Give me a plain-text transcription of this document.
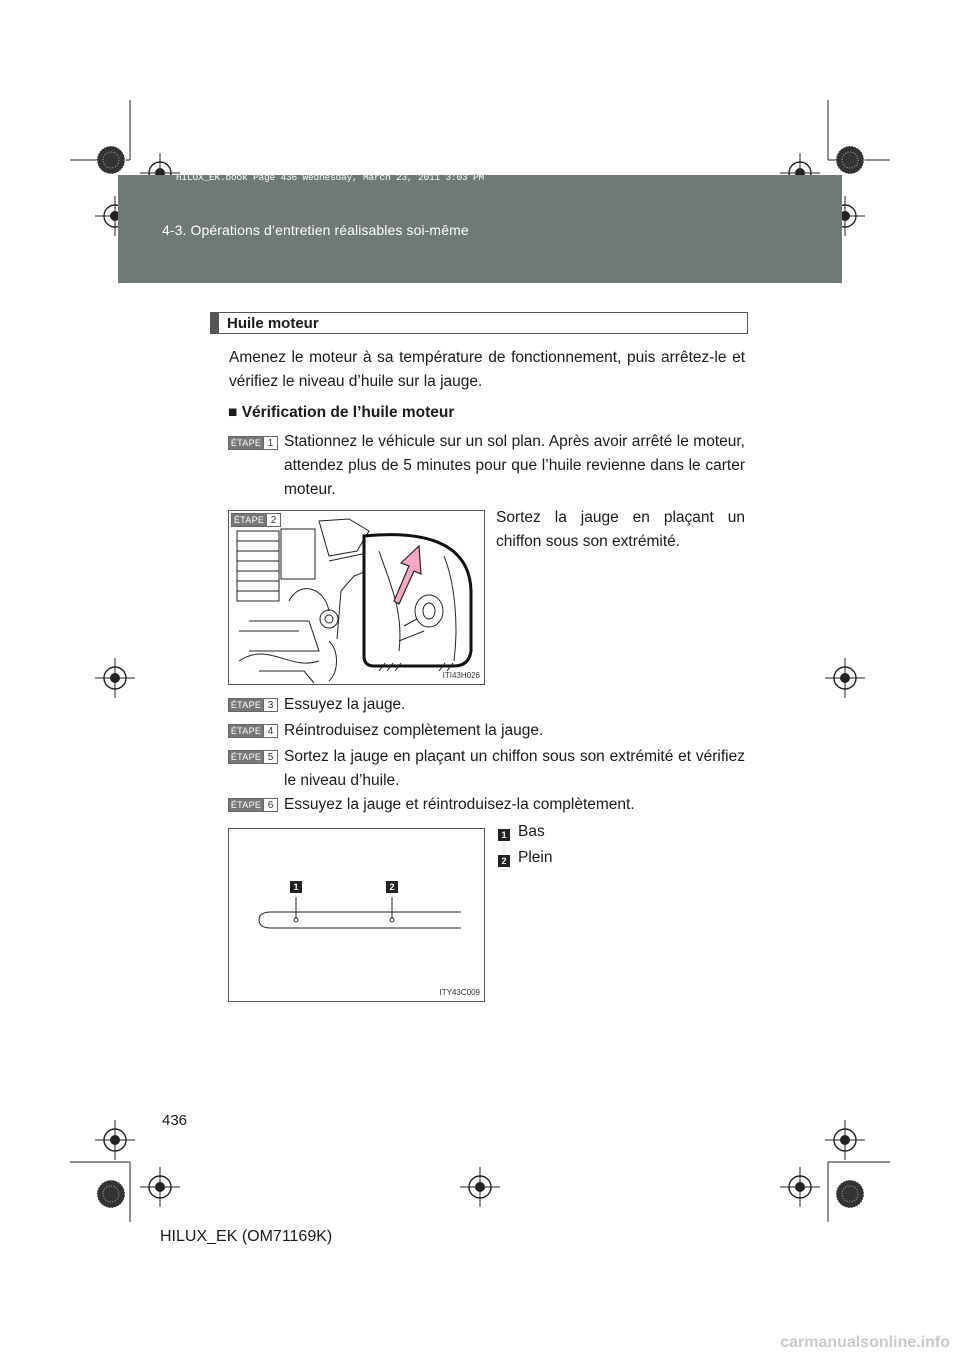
HILUX_EK.book Page 436 Wednesday, March 23, 2011 3:03 PM
4-3. Opérations d’entretien réalisables soi-même
Huile moteur
Amenez le moteur à sa température de fonctionnement, puis arrêtez-le et vérifiez le niveau d’huile sur la jauge.
■ Vérification de l’huile moteur
ÉTAPE 1 Stationnez le véhicule sur un sol plan. Après avoir arrêté le moteur, attendez plus de 5 minutes pour que l’huile revienne dans le carter moteur.
ÉTAPE 2
ITI43H026
Sortez la jauge en plaçant un chiffon sous son extrémité.
ÉTAPE 3 Essuyez la jauge.
ÉTAPE 4 Réintroduisez complètement la jauge.
ÉTAPE 5 Sortez la jauge en plaçant un chiffon sous son extrémité et vérifiez le niveau d’huile.
ÉTAPE 6 Essuyez la jauge et réintroduisez-la complètement.
1	2
ITY43C009
1 Bas
2 Plein
436
HILUX_EK (OM71169K)
carmanualsonline.info
